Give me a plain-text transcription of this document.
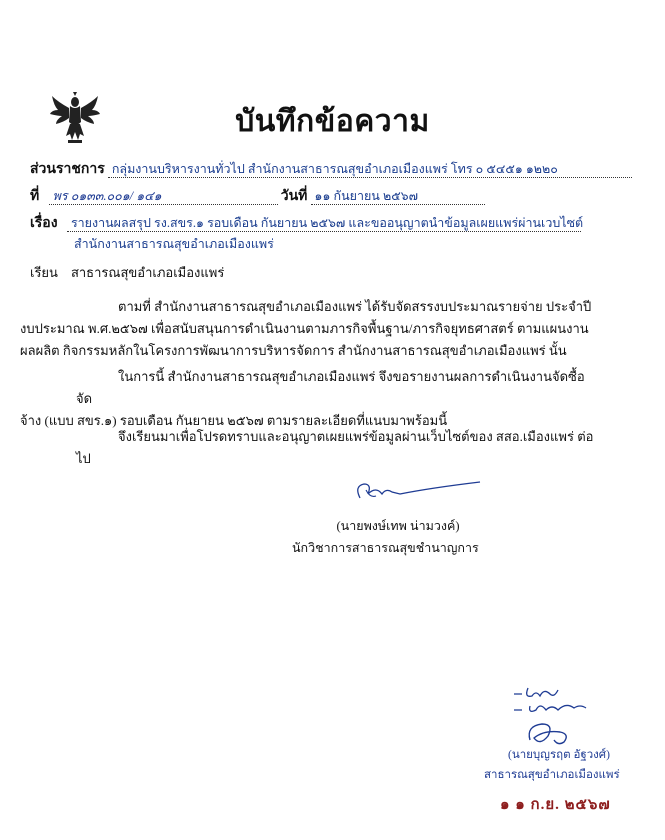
บันทึกข้อความ
ส่วนราชการ กลุ่มงานบริหารงานทั่วไป สำนักงานสาธารณสุขอำเภอเมืองแพร่ โทร ๐ ๕๔๕๑ ๑๒๒๐
ที่ พร ๐๑๓๓.๐๐๑/ ๑๔๑	วันที่ ๑๑ กันยายน ๒๕๖๗
เรื่อง รายงานผลสรุป รง.สขร.๑ รอบเดือน กันยายน ๒๕๖๗ และขออนุญาตนำข้อมูลเผยแพร่ผ่านเวบไซต์
สำนักงานสาธารณสุขอำเภอเมืองแพร่
เรียน สาธารณสุขอำเภอเมืองแพร่
ตามที่ สำนักงานสาธารณสุขอำเภอเมืองแพร่ ได้รับจัดสรรงบประมาณรายจ่าย ประจำปี
งบประมาณ พ.ศ.๒๕๖๗ เพื่อสนับสนุนการดำเนินงานตามภารกิจพื้นฐาน/ภารกิจยุทธศาสตร์ ตามแผนงาน
ผลผลิต กิจกรรมหลักในโครงการพัฒนาการบริหารจัดการ สำนักงานสาธารณสุขอำเภอเมืองแพร่ นั้น
ในการนี้ สำนักงานสาธารณสุขอำเภอเมืองแพร่ จึงขอรายงานผลการดำเนินงานจัดซื้อจัด
จ้าง (แบบ สขร.๑) รอบเดือน กันยายน ๒๕๖๗ ตามรายละเอียดที่แนบมาพร้อมนี้
จึงเรียนมาเพื่อโปรดทราบและอนุญาตเผยแพร่ข้อมูลผ่านเว็บไซต์ของ สสอ.เมืองแพร่ ต่อไป
(นายพงษ์เทพ น่ามวงค์)
นักวิชาการสาธารณสุขชำนาญการ
(นายบุญรฤต อัฐวงศ์)
สาธารณสุขอำเภอเมืองแพร่
๑ ๑ ก.ย. ๒๕๖๗
